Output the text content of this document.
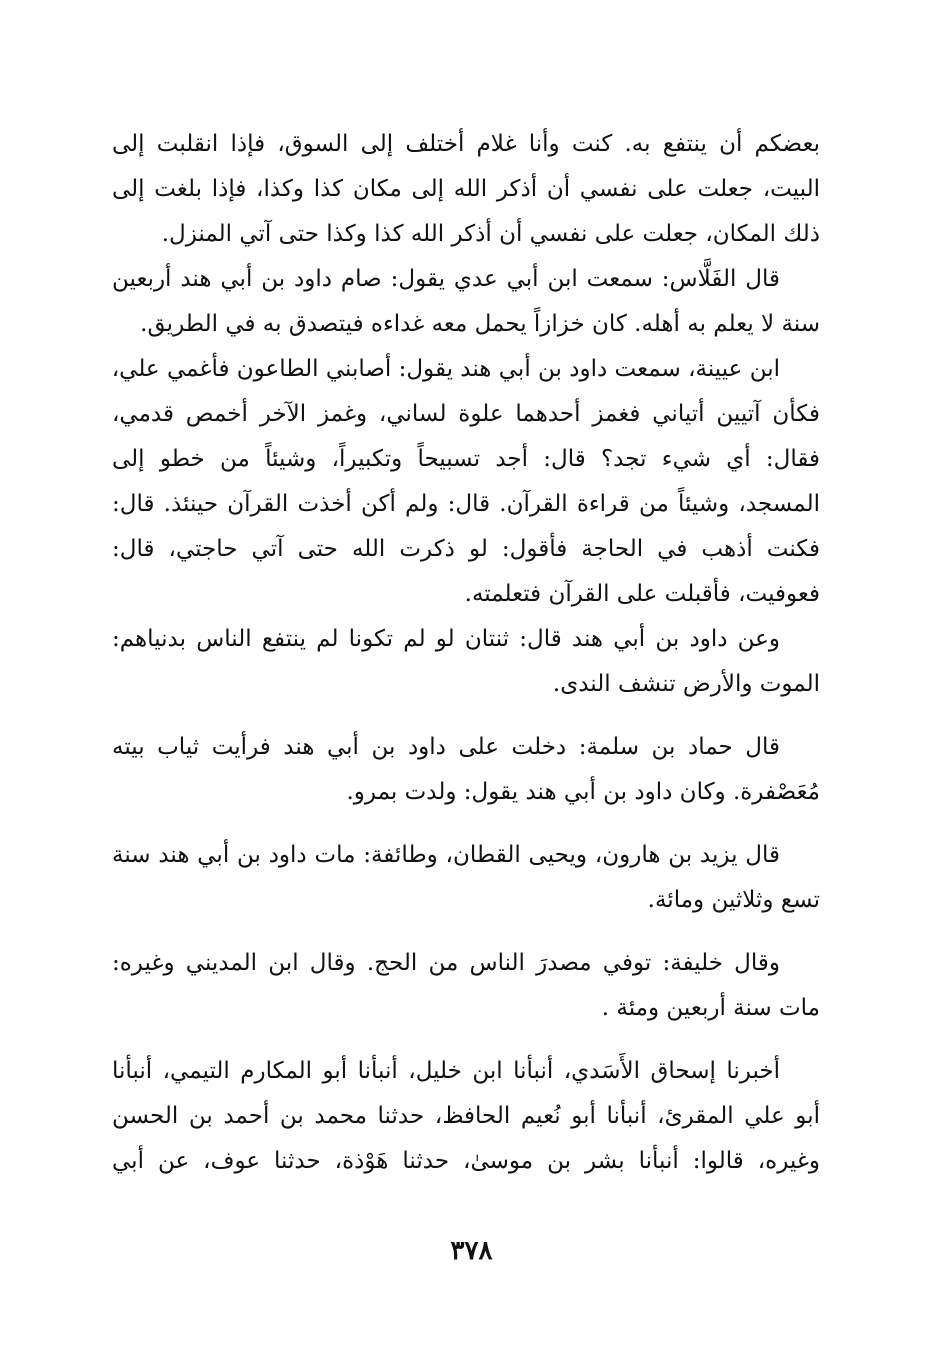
بعضكم أن ينتفع به. كنت وأنا غلام أختلف إلى السوق، فإذا انقلبت إلى
البيت، جعلت على نفسي أن أذكر الله إلى مكان كذا وكذا، فإذا بلغت إلى
ذلك المكان، جعلت على نفسي أن أذكر الله كذا وكذا حتى آتي المنزل.
قال الفَلَّاس: سمعت ابن أبي عدي يقول: صام داود بن أبي هند أربعين
سنة لا يعلم به أهله. كان خزازاً يحمل معه غداءه فيتصدق به في الطريق.
ابن عيينة، سمعت داود بن أبي هند يقول: أصابني الطاعون فأغمي علي،
فكأن آتيين أتياني فغمز أحدهما علوة لساني، وغمز الآخر أخمص قدمي،
فقال: أي شيء تجد؟ قال: أجد تسبيحاً وتكبيراً، وشيئاً من خطو إلى
المسجد، وشيئاً من قراءة القرآن. قال: ولم أكن أخذت القرآن حينئذ. قال:
فكنت أذهب في الحاجة فأقول: لو ذكرت الله حتى آتي حاجتي، قال:
فعوفيت، فأقبلت على القرآن فتعلمته.
وعن داود بن أبي هند قال: ثنتان لو لم تكونا لم ينتفع الناس بدنياهم:
الموت والأرض تنشف الندى.
قال حماد بن سلمة: دخلت على داود بن أبي هند فرأيت ثياب بيته
مُعَصْفرة. وكان داود بن أبي هند يقول: ولدت بمرو.
قال يزيد بن هارون، ويحيى القطان، وطائفة: مات داود بن أبي هند سنة
تسع وثلاثين ومائة.
وقال خليفة: توفي مصدرَ الناس من الحج. وقال ابن المديني وغيره:
مات سنة أربعين ومئة .
أخبرنا إسحاق الأَسَدي، أنبأنا ابن خليل، أنبأنا أبو المكارم التيمي، أنبأنا
أبو علي المقرئ، أنبأنا أبو نُعيم الحافظ، حدثنا محمد بن أحمد بن الحسن
وغيره، قالوا: أنبأنا بشر بن موسىٰ، حدثنا هَوْذة، حدثنا عوف، عن أبي
٣٧٨
